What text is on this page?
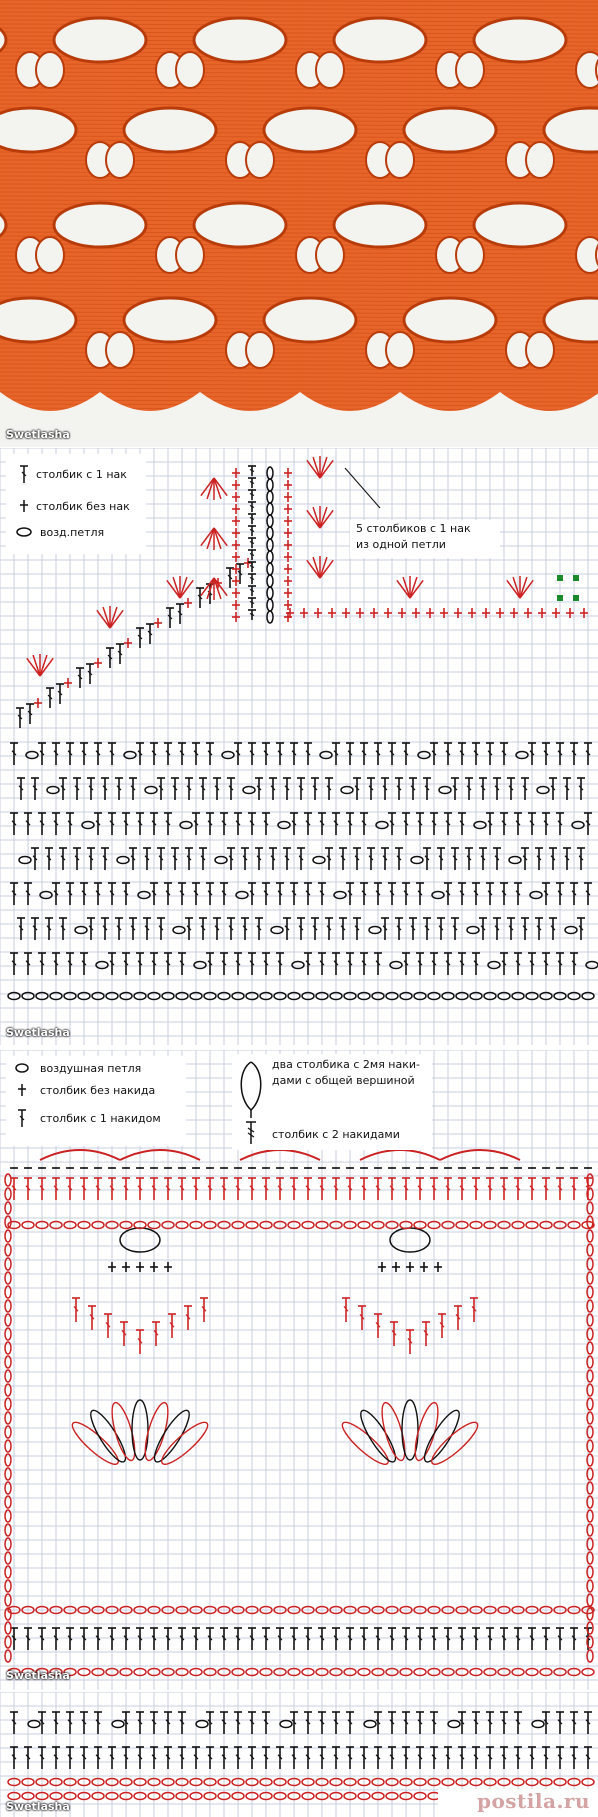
Swetlasha
столбик с 1 нак
столбик без нак
возд.петля	5 столбиков с 1 нак
из одной петли
Swetlasha
воздушная петля
столбик без накида
столбик с 1 накидом
два столбика с 2мя наки-
дами с общей вершиной
столбик с 2 накидами
Swetlasha
Swetlasha	postila.ru
